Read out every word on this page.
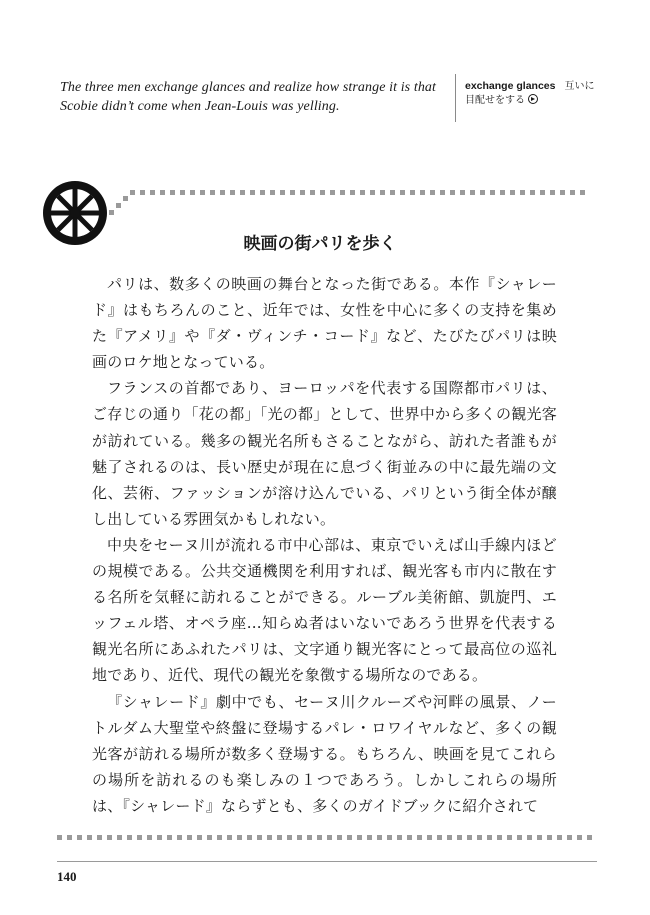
The three men exchange glances and realize how strange it is that
Scobie didn’t come when Jean-Louis was yelling.
exchange glances 互いに
目配せをする
映画の街パリを歩く

パリは、数多くの映画の舞台となった街である。本作『シャレード』はもちろんのこと、近年では、女性を中心に多くの支持を集めた『アメリ』や『ダ・ヴィンチ・コード』など、たびたびパリは映画のロケ地となっている。

フランスの首都であり、ヨーロッパを代表する国際都市パリは、ご存じの通り「花の都」「光の都」として、世界中から多くの観光客が訪れている。幾多の観光名所もさることながら、訪れた者誰もが魅了されるのは、長い歴史が現在に息づく街並みの中に最先端の文化、芸術、ファッションが溶け込んでいる、パリという街全体が醸し出している雰囲気かもしれない。

中央をセーヌ川が流れる市中心部は、東京でいえば山手線内ほどの規模である。公共交通機関を利用すれば、観光客も市内に散在する名所を気軽に訪れることができる。ルーブル美術館、凱旋門、エッフェル塔、オペラ座…知らぬ者はいないであろう世界を代表する観光名所にあふれたパリは、文字通り観光客にとって最高位の巡礼地であり、近代、現代の観光を象徴する場所なのである。

『シャレード』劇中でも、セーヌ川クルーズや河畔の風景、ノートルダム大聖堂や終盤に登場するパレ・ロワイヤルなど、多くの観光客が訪れる場所が数多く登場する。もちろん、映画を見てこれらの場所を訪れるのも楽しみの１つであろう。しかしこれらの場所は、『シャレード』ならずとも、多くのガイドブックに紹介されて

140
